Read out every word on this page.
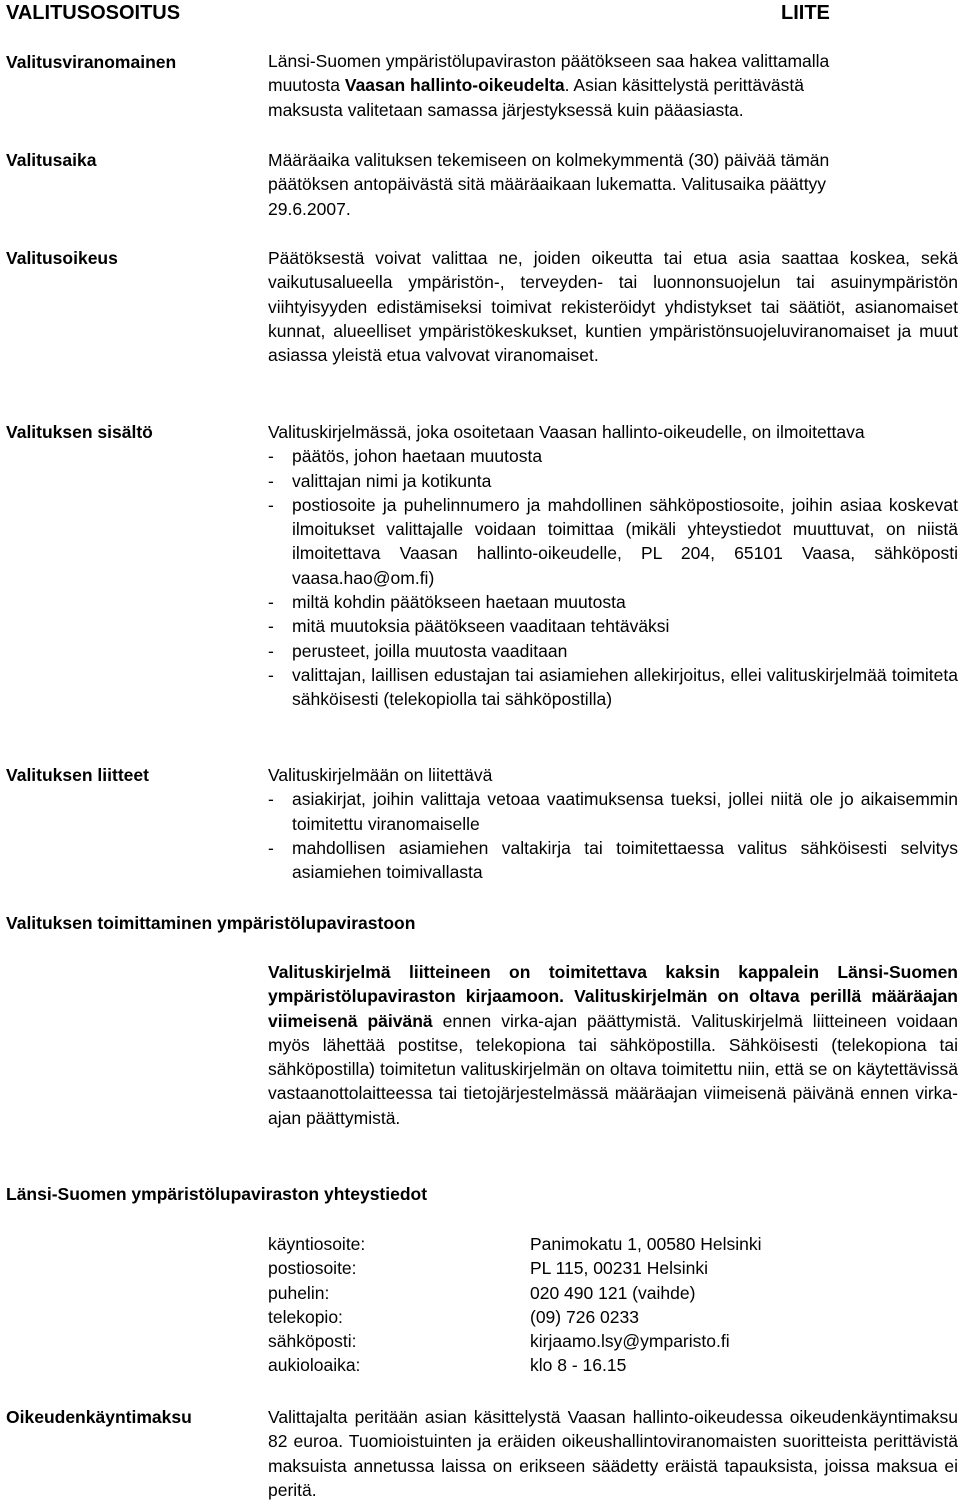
VALITUSOSOITUS	LIITE
Valitusviranomainen	Länsi-Suomen ympäristölupaviraston päätökseen saa hakea valittamalla
muutosta Vaasan hallinto-oikeudelta. Asian käsittelystä perittävästä
maksusta valitetaan samassa järjestyksessä kuin pääasiasta.
Valitusaika	Määräaika valituksen tekemiseen on kolmekymmentä (30) päivää tämän
päätöksen antopäivästä sitä määräaikaan lukematta. Valitusaika päättyy
29.6.2007.
Valitusoikeus	Päätöksestä voivat valittaa ne, joiden oikeutta tai etua asia saattaa koskea, sekä vaikutusalueella ympäristön-, terveyden- tai luonnonsuojelun tai asuinympäristön viihtyisyyden edistämiseksi toimivat rekisteröidyt yhdistykset tai säätiöt, asianomaiset kunnat, alueelliset ympäristökeskukset, kuntien ympäristönsuojeluviranomaiset ja muut asiassa yleistä etua valvovat viranomaiset.
Valituksen sisältö	Valituskirjelmässä, joka osoitetaan Vaasan hallinto-oikeudelle, on ilmoitettava
-	päätös, johon haetaan muutosta
-	valittajan nimi ja kotikunta
-	postiosoite ja puhelinnumero ja mahdollinen sähköpostiosoite, joihin asiaa koskevat ilmoitukset valittajalle voidaan toimittaa (mikäli yhteystiedot muuttuvat, on niistä ilmoitettava Vaasan hallinto-oikeudelle, PL 204, 65101 Vaasa, sähköposti vaasa.hao@om.fi)
-	miltä kohdin päätökseen haetaan muutosta
-	mitä muutoksia päätökseen vaaditaan tehtäväksi
-	perusteet, joilla muutosta vaaditaan
-	valittajan, laillisen edustajan tai asiamiehen allekirjoitus, ellei valituskirjelmää toimiteta sähköisesti (telekopiolla tai sähköpostilla)
Valituksen liitteet	Valituskirjelmään on liitettävä
-	asiakirjat, joihin valittaja vetoaa vaatimuksensa tueksi, jollei niitä ole jo aikaisemmin toimitettu viranomaiselle
-	mahdollisen asiamiehen valtakirja tai toimitettaessa valitus sähköisesti selvitys asiamiehen toimivallasta
Valituksen toimittaminen ympäristölupavirastoon
Valituskirjelmä liitteineen on toimitettava kaksin kappalein Länsi-Suomen ympäristölupaviraston kirjaamoon. Valituskirjelmän on oltava perillä määräajan viimeisenä päivänä ennen virka-ajan päättymistä. Valituskirjelmä liitteineen voidaan myös lähettää postitse, telekopiona tai sähköpostilla. Sähköisesti (telekopiona tai sähköpostilla) toimitetun valituskirjelmän on oltava toimitettu niin, että se on käytettävissä vastaanottolaitteessa tai tietojärjestelmässä määräajan viimeisenä päivänä ennen virka-ajan päättymistä.
Länsi-Suomen ympäristölupaviraston yhteystiedot
käyntiosoite:	Panimokatu 1, 00580 Helsinki
postiosoite:	PL 115, 00231 Helsinki
puhelin:	020 490 121 (vaihde)
telekopio:	(09) 726 0233
sähköposti:	kirjaamo.lsy@ymparisto.fi
aukioloaika:	klo 8 - 16.15
Oikeudenkäyntimaksu	Valittajalta peritään asian käsittelystä Vaasan hallinto-oikeudessa oikeudenkäyntimaksu 82 euroa. Tuomioistuinten ja eräiden oikeushallintoviranomaisten suoritteista perittävistä maksuista annetussa laissa on erikseen säädetty eräistä tapauksista, joissa maksua ei peritä.
